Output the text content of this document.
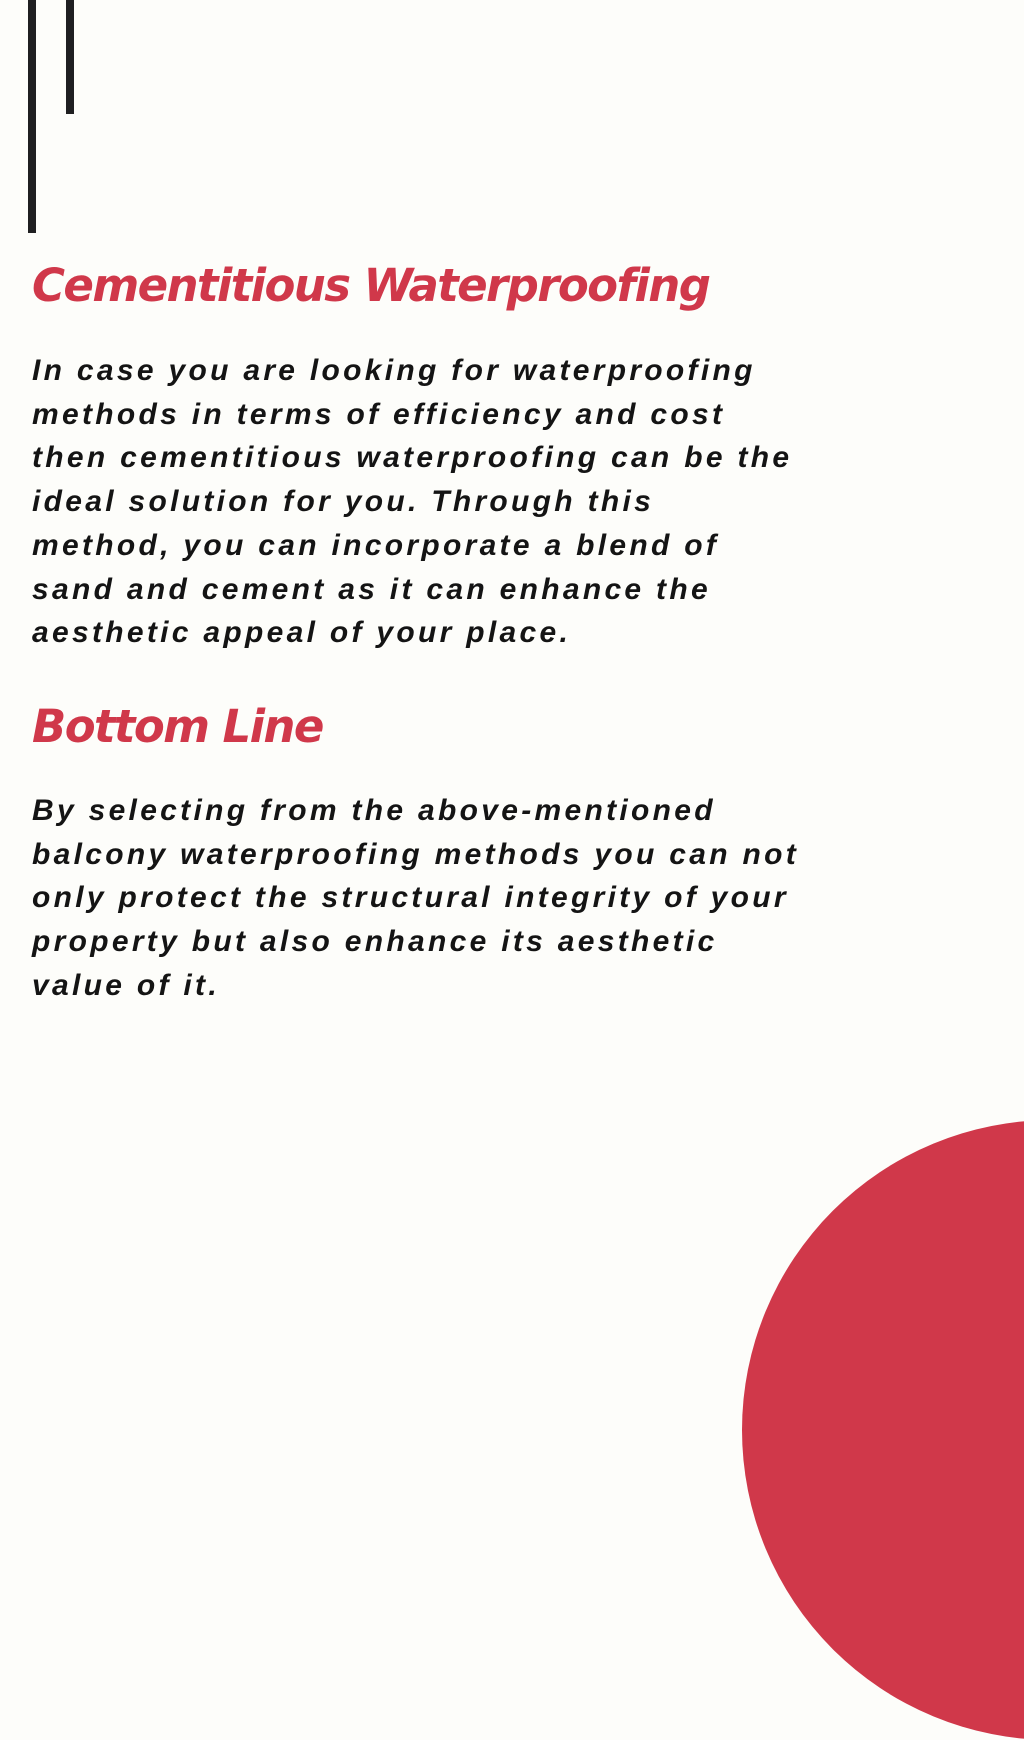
Cementitious Waterproofing

In case you are looking for waterproofing
methods in terms of efficiency and cost
then cementitious waterproofing can be the
ideal solution for you. Through this
method, you can incorporate a blend of
sand and cement as it can enhance the
aesthetic appeal of your place.

Bottom Line

By selecting from the above-mentioned
balcony waterproofing methods you can not
only protect the structural integrity of your
property but also enhance its aesthetic
value of it.
